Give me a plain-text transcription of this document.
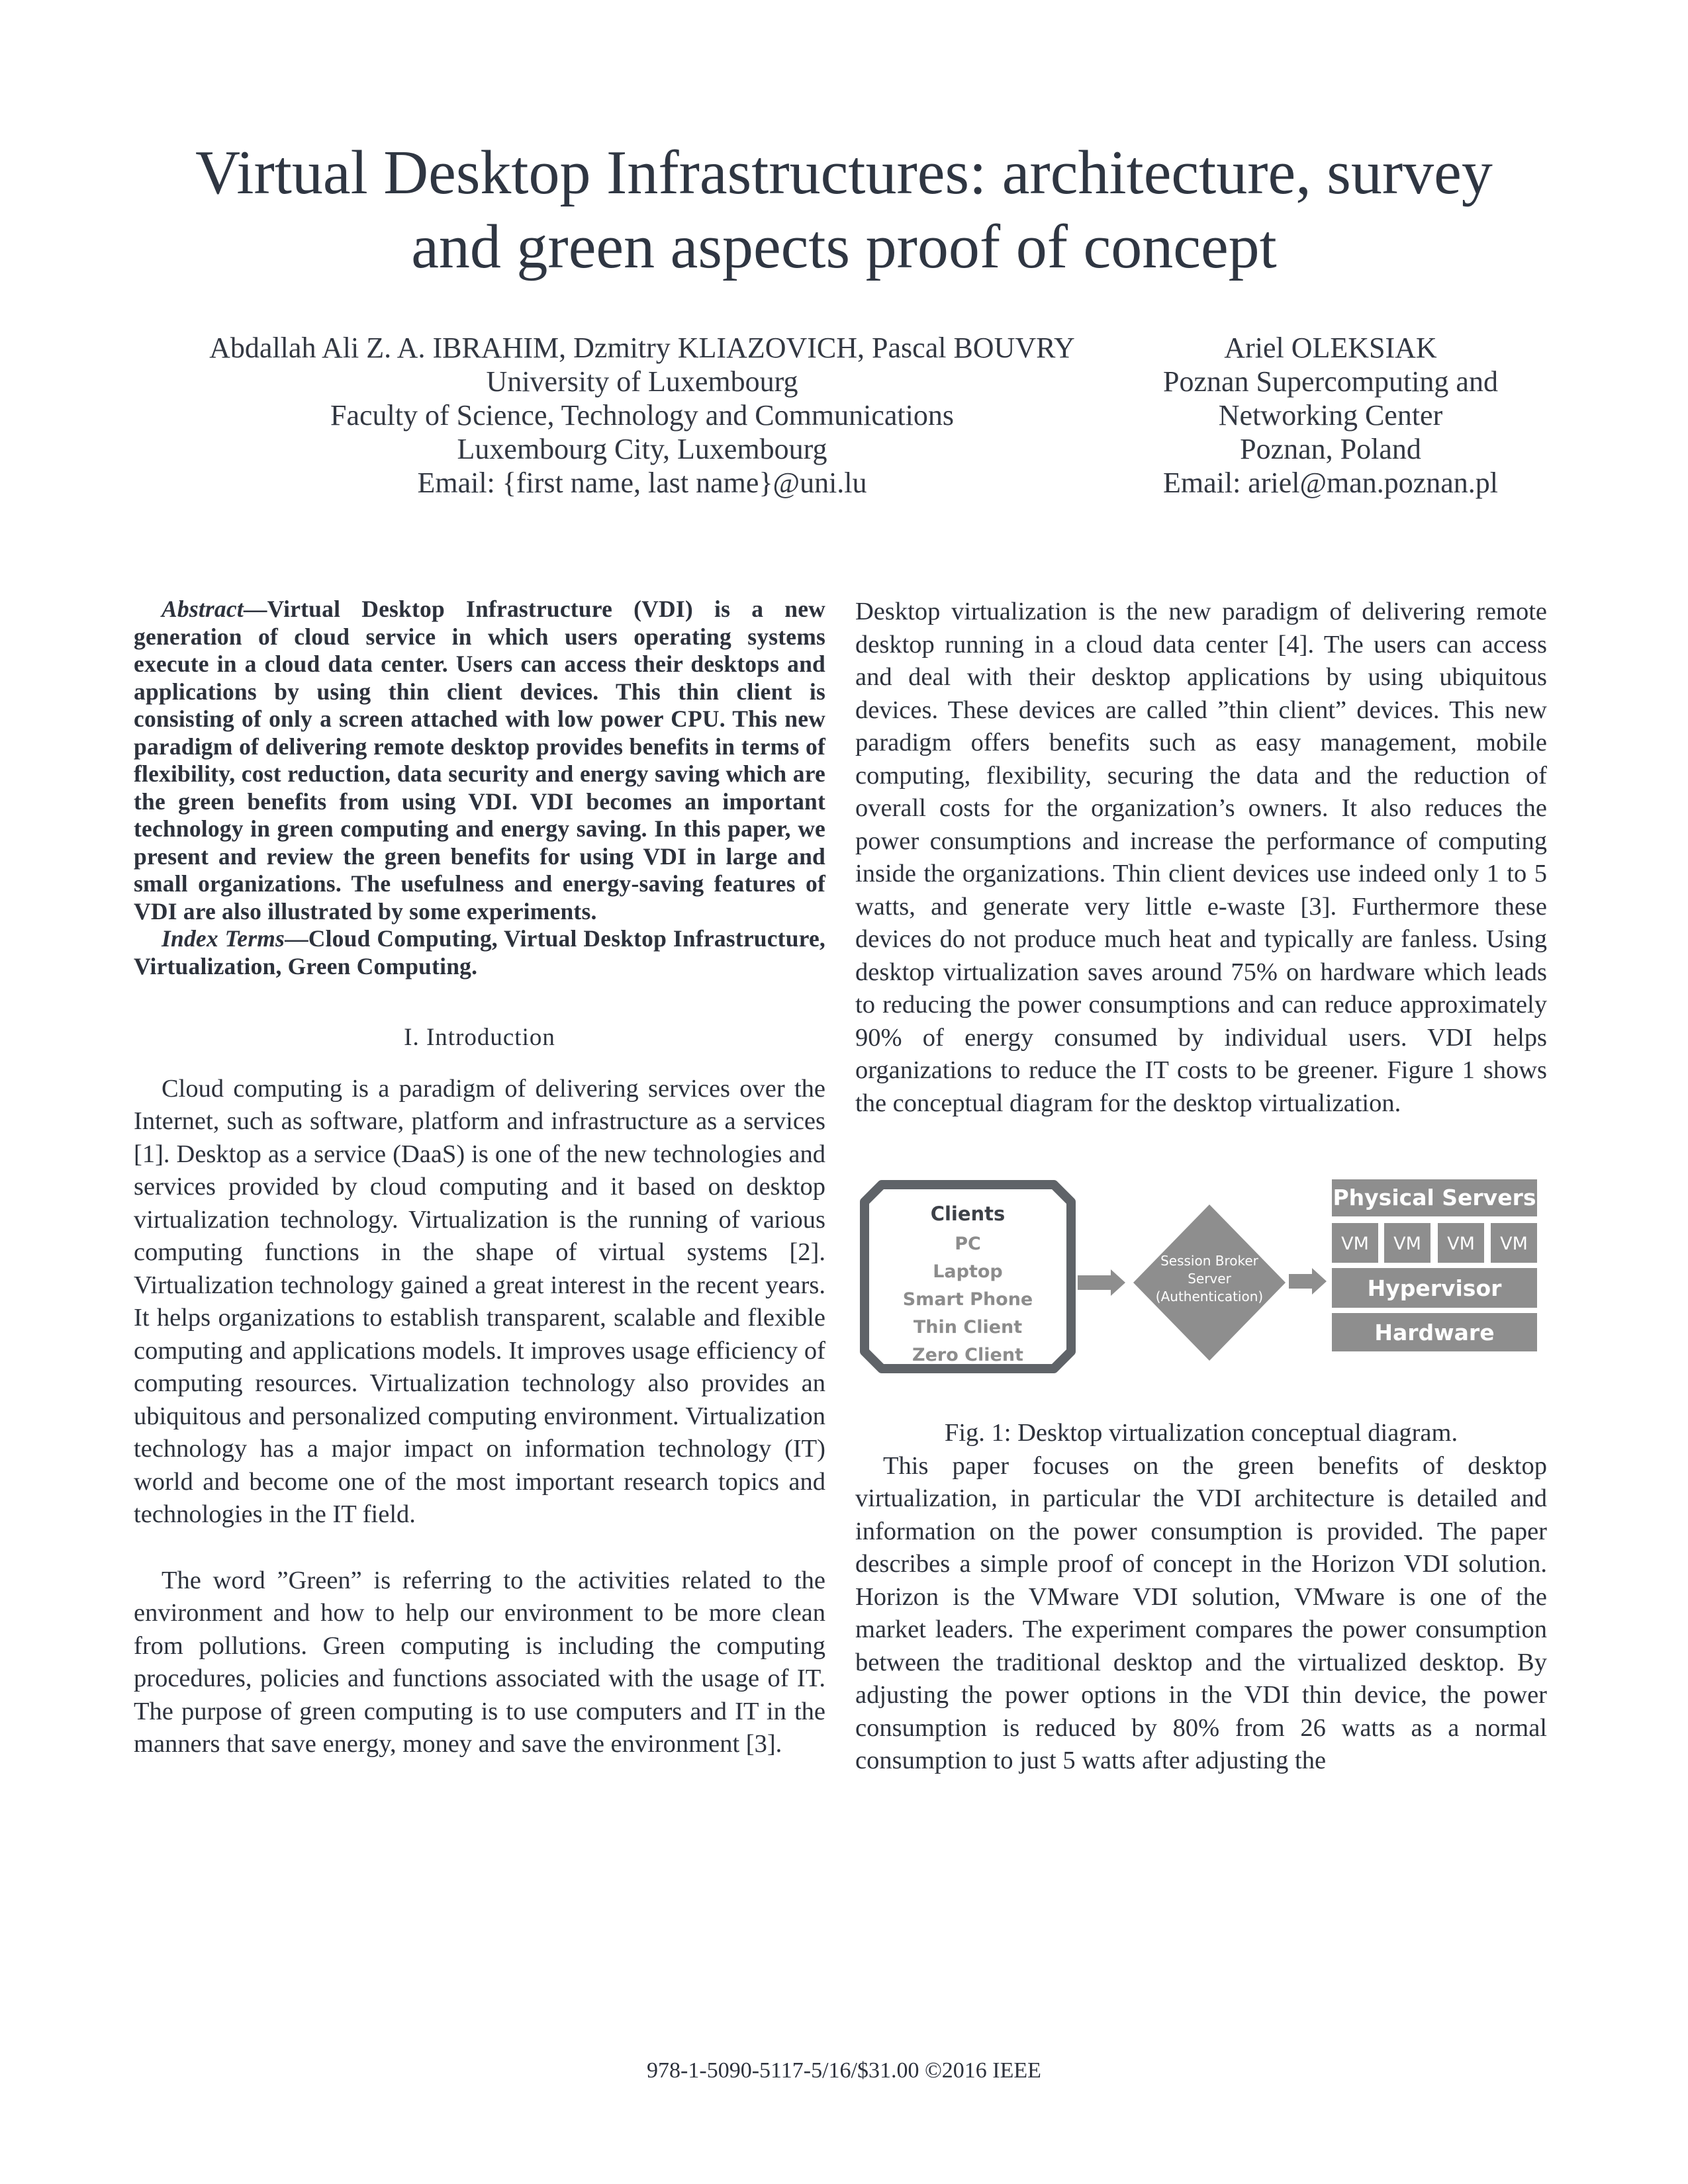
Virtual Desktop Infrastructures: architecture, survey
and green aspects proof of concept
Abdallah Ali Z. A. IBRAHIM, Dzmitry KLIAZOVICH, Pascal BOUVRY
University of Luxembourg
Faculty of Science, Technology and Communications
Luxembourg City, Luxembourg
Email: {first name, last name}@uni.lu
Ariel OLEKSIAK
Poznan Supercomputing and
Networking Center
Poznan, Poland
Email: ariel@man.poznan.pl

Abstract—Virtual Desktop Infrastructure (VDI) is a new generation of cloud service in which users operating systems execute in a cloud data center. Users can access their desktops and applications by using thin client devices. This thin client is consisting of only a screen attached with low power CPU. This new paradigm of delivering remote desktop provides benefits in terms of flexibility, cost reduction, data security and energy saving which are the green benefits from using VDI. VDI becomes an important technology in green computing and energy saving. In this paper, we present and review the green benefits for using VDI in large and small organizations. The usefulness and energy-saving features of VDI are also illustrated by some experiments.

Index Terms—Cloud Computing, Virtual Desktop Infrastructure, Virtualization, Green Computing.

I. Introduction

Cloud computing is a paradigm of delivering services over the Internet, such as software, platform and infrastructure as a services [1]. Desktop as a service (DaaS) is one of the new technologies and services provided by cloud computing and it based on desktop virtualization technology. Virtualization is the running of various computing functions in the shape of virtual systems [2]. Virtualization technology gained a great interest in the recent years. It helps organizations to establish transparent, scalable and flexible computing and applications models. It improves usage efficiency of computing resources. Virtualization technology also provides an ubiquitous and personalized computing environment. Virtualization technology has a major impact on information technology (IT) world and become one of the most important research topics and technologies in the IT field.

The word ”Green” is referring to the activities related to the environment and how to help our environment to be more clean from pollutions. Green computing is including the computing procedures, policies and functions associated with the usage of IT. The purpose of green computing is to use computers and IT in the manners that save energy, money and save the environment [3].

Desktop virtualization is the new paradigm of delivering remote desktop running in a cloud data center [4]. The users can access and deal with their desktop applications by using ubiquitous devices. These devices are called ”thin client” devices. This new paradigm offers benefits such as easy management, mobile computing, flexibility, securing the data and the reduction of overall costs for the organization’s owners. It also reduces the power consumptions and increase the performance of computing inside the organizations. Thin client devices use indeed only 1 to 5 watts, and generate very little e-waste [3]. Furthermore these devices do not produce much heat and typically are fanless. Using desktop virtualization saves around 75% on hardware which leads to reducing the power consumptions and can reduce approximately 90% of energy consumed by individual users. VDI helps organizations to reduce the IT costs to be greener. Figure 1 shows the conceptual diagram for the desktop virtualization.

Clients
PC
Laptop
Smart Phone
Thin Client
Zero Client
Session Broker
Server
(Authentication)
Physical Servers
VM VM VM VM
Hypervisor
Hardware

Fig. 1: Desktop virtualization conceptual diagram.

This paper focuses on the green benefits of desktop virtualization, in particular the VDI architecture is detailed and information on the power consumption is provided. The paper describes a simple proof of concept in the Horizon VDI solution. Horizon is the VMware VDI solution, VMware is one of the market leaders. The experiment compares the power consumption between the traditional desktop and the virtualized desktop. By adjusting the power options in the VDI thin device, the power consumption is reduced by 80% from 26 watts as a normal consumption to just 5 watts after adjusting the

978-1-5090-5117-5/16/$31.00 ©2016 IEEE
